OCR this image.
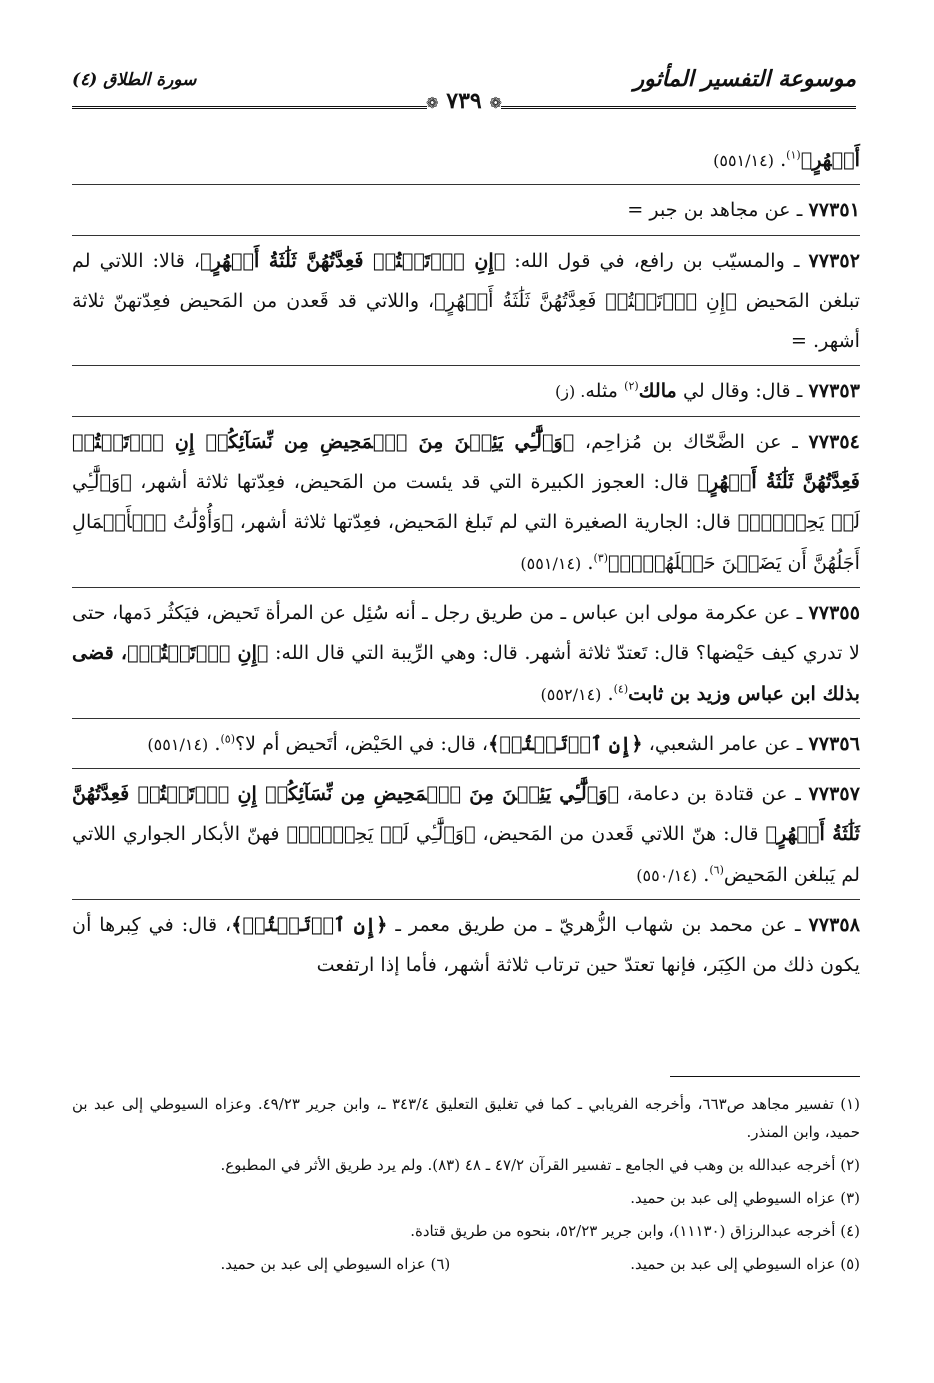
موسوعة التفسير المأثور
❁ ٧٣٩ ❁
سورة الطلاق (٤)

أَشۡهُرٍ﴾$^{(١)}$. (٥٥١/١٤)

٧٧٣٥١ ـ عن مجاهد بن جبر =

٧٧٣٥٢ ـ والمسيّب بن رافع، في قول الله: ﴿إِنِ ٱرۡتَبۡتُمۡ فَعِدَّتُهُنَّ ثَلَٰثَةُ أَشۡهُرٍ﴾، قالا: اللاتي لم تبلغن المَحيض ﴿إِنِ ٱرۡتَبۡتُمۡ فَعِدَّتُهُنَّ ثَلَٰثَةُ أَشۡهُرٍ﴾، واللاتي قد قَعدن من المَحيض فعِدّتهنّ ثلاثة أشهر. =

٧٧٣٥٣ ـ قال: وقال لي مالك$^{(٢)}$ مثله. (ز)

٧٧٣٥٤ ـ عن الضَّحّاك بن مُزاحِم، ﴿وَٱلَّٰٓـِٔي يَئِسۡنَ مِنَ ٱلۡمَحِيضِ مِن نِّسَآئِكُمۡ إِنِ ٱرۡتَبۡتُمۡ فَعِدَّتُهُنَّ ثَلَٰثَةُ أَشۡهُرٍ﴾ قال: العجوز الكبيرة التي قد يئست من المَحيض، فعِدّتها ثلاثة أشهر، ﴿وَٱلَّٰٓـِٔي لَمۡ يَحِضۡنَۚ﴾ قال: الجارية الصغيرة التي لم تَبلغ المَحيض، فعِدّتها ثلاثة أشهر، ﴿وَأُوْلَٰتُ ٱلۡأَحۡمَالِ أَجَلُهُنَّ أَن يَضَعۡنَ حَمۡلَهُنَّۚ﴾$^{(٣)}$. (٥٥١/١٤)

٧٧٣٥٥ ـ عن عكرمة مولى ابن عباس ـ من طريق رجل ـ أنه سُئِل عن المرأة تَحيض، فيَكثُر دَمها، حتى لا تدري كيف حَيْضها؟ قال: تَعتدّ ثلاثة أشهر. قال: وهي الرِّيبة التي قال الله: ﴿إِنِ ٱرۡتَبۡتُمۡ﴾، قضى بذلك ابن عباس وزيد بن ثابت$^{(٤)}$. (٥٥٢/١٤)

٧٧٣٥٦ ـ عن عامر الشعبي، ﴿إِنِ ٱرۡتَبۡتُمۡ﴾، قال: في الحَيْض، أتَحيض أم لا؟$^{(٥)}$. (٥٥١/١٤)

٧٧٣٥٧ ـ عن قتادة بن دعامة، ﴿وَٱلَّٰٓـِٔي يَئِسۡنَ مِنَ ٱلۡمَحِيضِ مِن نِّسَآئِكُمۡ إِنِ ٱرۡتَبۡتُمۡ فَعِدَّتُهُنَّ ثَلَٰثَةُ أَشۡهُرٍ﴾ قال: هنّ اللاتي قَعدن من المَحيض، ﴿وَٱلَّٰٓـِٔي لَمۡ يَحِضۡنَۚ﴾ فهنّ الأبكار الجواري اللاتي لم يَبلغن المَحيض$^{(٦)}$. (٥٥٠/١٤)

٧٧٣٥٨ ـ عن محمد بن شهاب الزُّهريّ ـ من طريق معمر ـ ﴿إِنِ ٱرۡتَبۡتُمۡ﴾، قال: في كِبرها أن يكون ذلك من الكِبَر، فإنها تعتدّ حين ترتاب ثلاثة أشهر، فأما إذا ارتفعت

(١) تفسير مجاهد ص٦٦٣، وأخرجه الفريابي ـ كما في تغليق التعليق ٣٤٣/٤ ـ، وابن جرير ٤٩/٢٣. وعزاه السيوطي إلى عبد بن حميد، وابن المنذر.

(٢) أخرجه عبدالله بن وهب في الجامع ـ تفسير القرآن ٤٧/٢ ـ ٤٨ (٨٣). ولم يرد طريق الأثر في المطبوع.

(٣) عزاه السيوطي إلى عبد بن حميد.

(٤) أخرجه عبدالرزاق (١١١٣٠)، وابن جرير ٥٢/٢٣، بنحوه من طريق قتادة.

(٥) عزاه السيوطي إلى عبد بن حميد.
(٦) عزاه السيوطي إلى عبد بن حميد.
